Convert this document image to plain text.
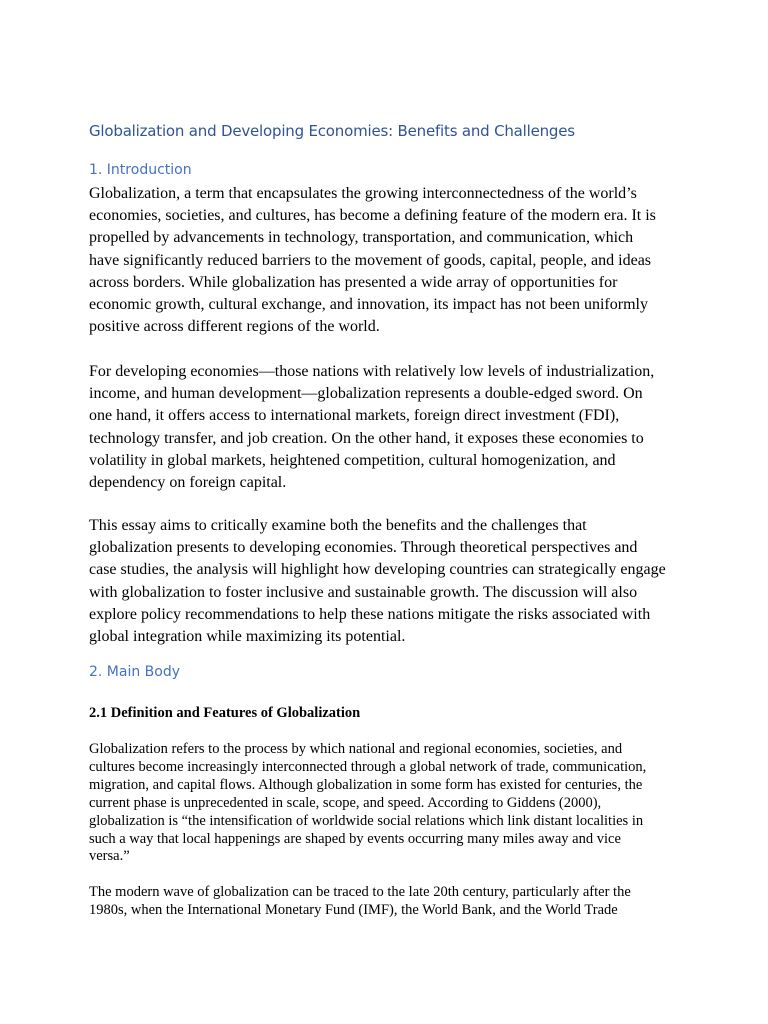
Globalization and Developing Economies: Benefits and Challenges
1. Introduction

Globalization, a term that encapsulates the growing interconnectedness of the world’s
economies, societies, and cultures, has become a defining feature of the modern era. It is
propelled by advancements in technology, transportation, and communication, which
have significantly reduced barriers to the movement of goods, capital, people, and ideas
across borders. While globalization has presented a wide array of opportunities for
economic growth, cultural exchange, and innovation, its impact has not been uniformly
positive across different regions of the world.

For developing economies—those nations with relatively low levels of industrialization,
income, and human development—globalization represents a double-edged sword. On
one hand, it offers access to international markets, foreign direct investment (FDI),
technology transfer, and job creation. On the other hand, it exposes these economies to
volatility in global markets, heightened competition, cultural homogenization, and
dependency on foreign capital.

This essay aims to critically examine both the benefits and the challenges that
globalization presents to developing economies. Through theoretical perspectives and
case studies, the analysis will highlight how developing countries can strategically engage
with globalization to foster inclusive and sustainable growth. The discussion will also
explore policy recommendations to help these nations mitigate the risks associated with
global integration while maximizing its potential.

2. Main Body
2.1 Definition and Features of Globalization

Globalization refers to the process by which national and regional economies, societies, and
cultures become increasingly interconnected through a global network of trade, communication,
migration, and capital flows. Although globalization in some form has existed for centuries, the
current phase is unprecedented in scale, scope, and speed. According to Giddens (2000),
globalization is “the intensification of worldwide social relations which link distant localities in
such a way that local happenings are shaped by events occurring many miles away and vice
versa.”

The modern wave of globalization can be traced to the late 20th century, particularly after the
1980s, when the International Monetary Fund (IMF), the World Bank, and the World Trade
